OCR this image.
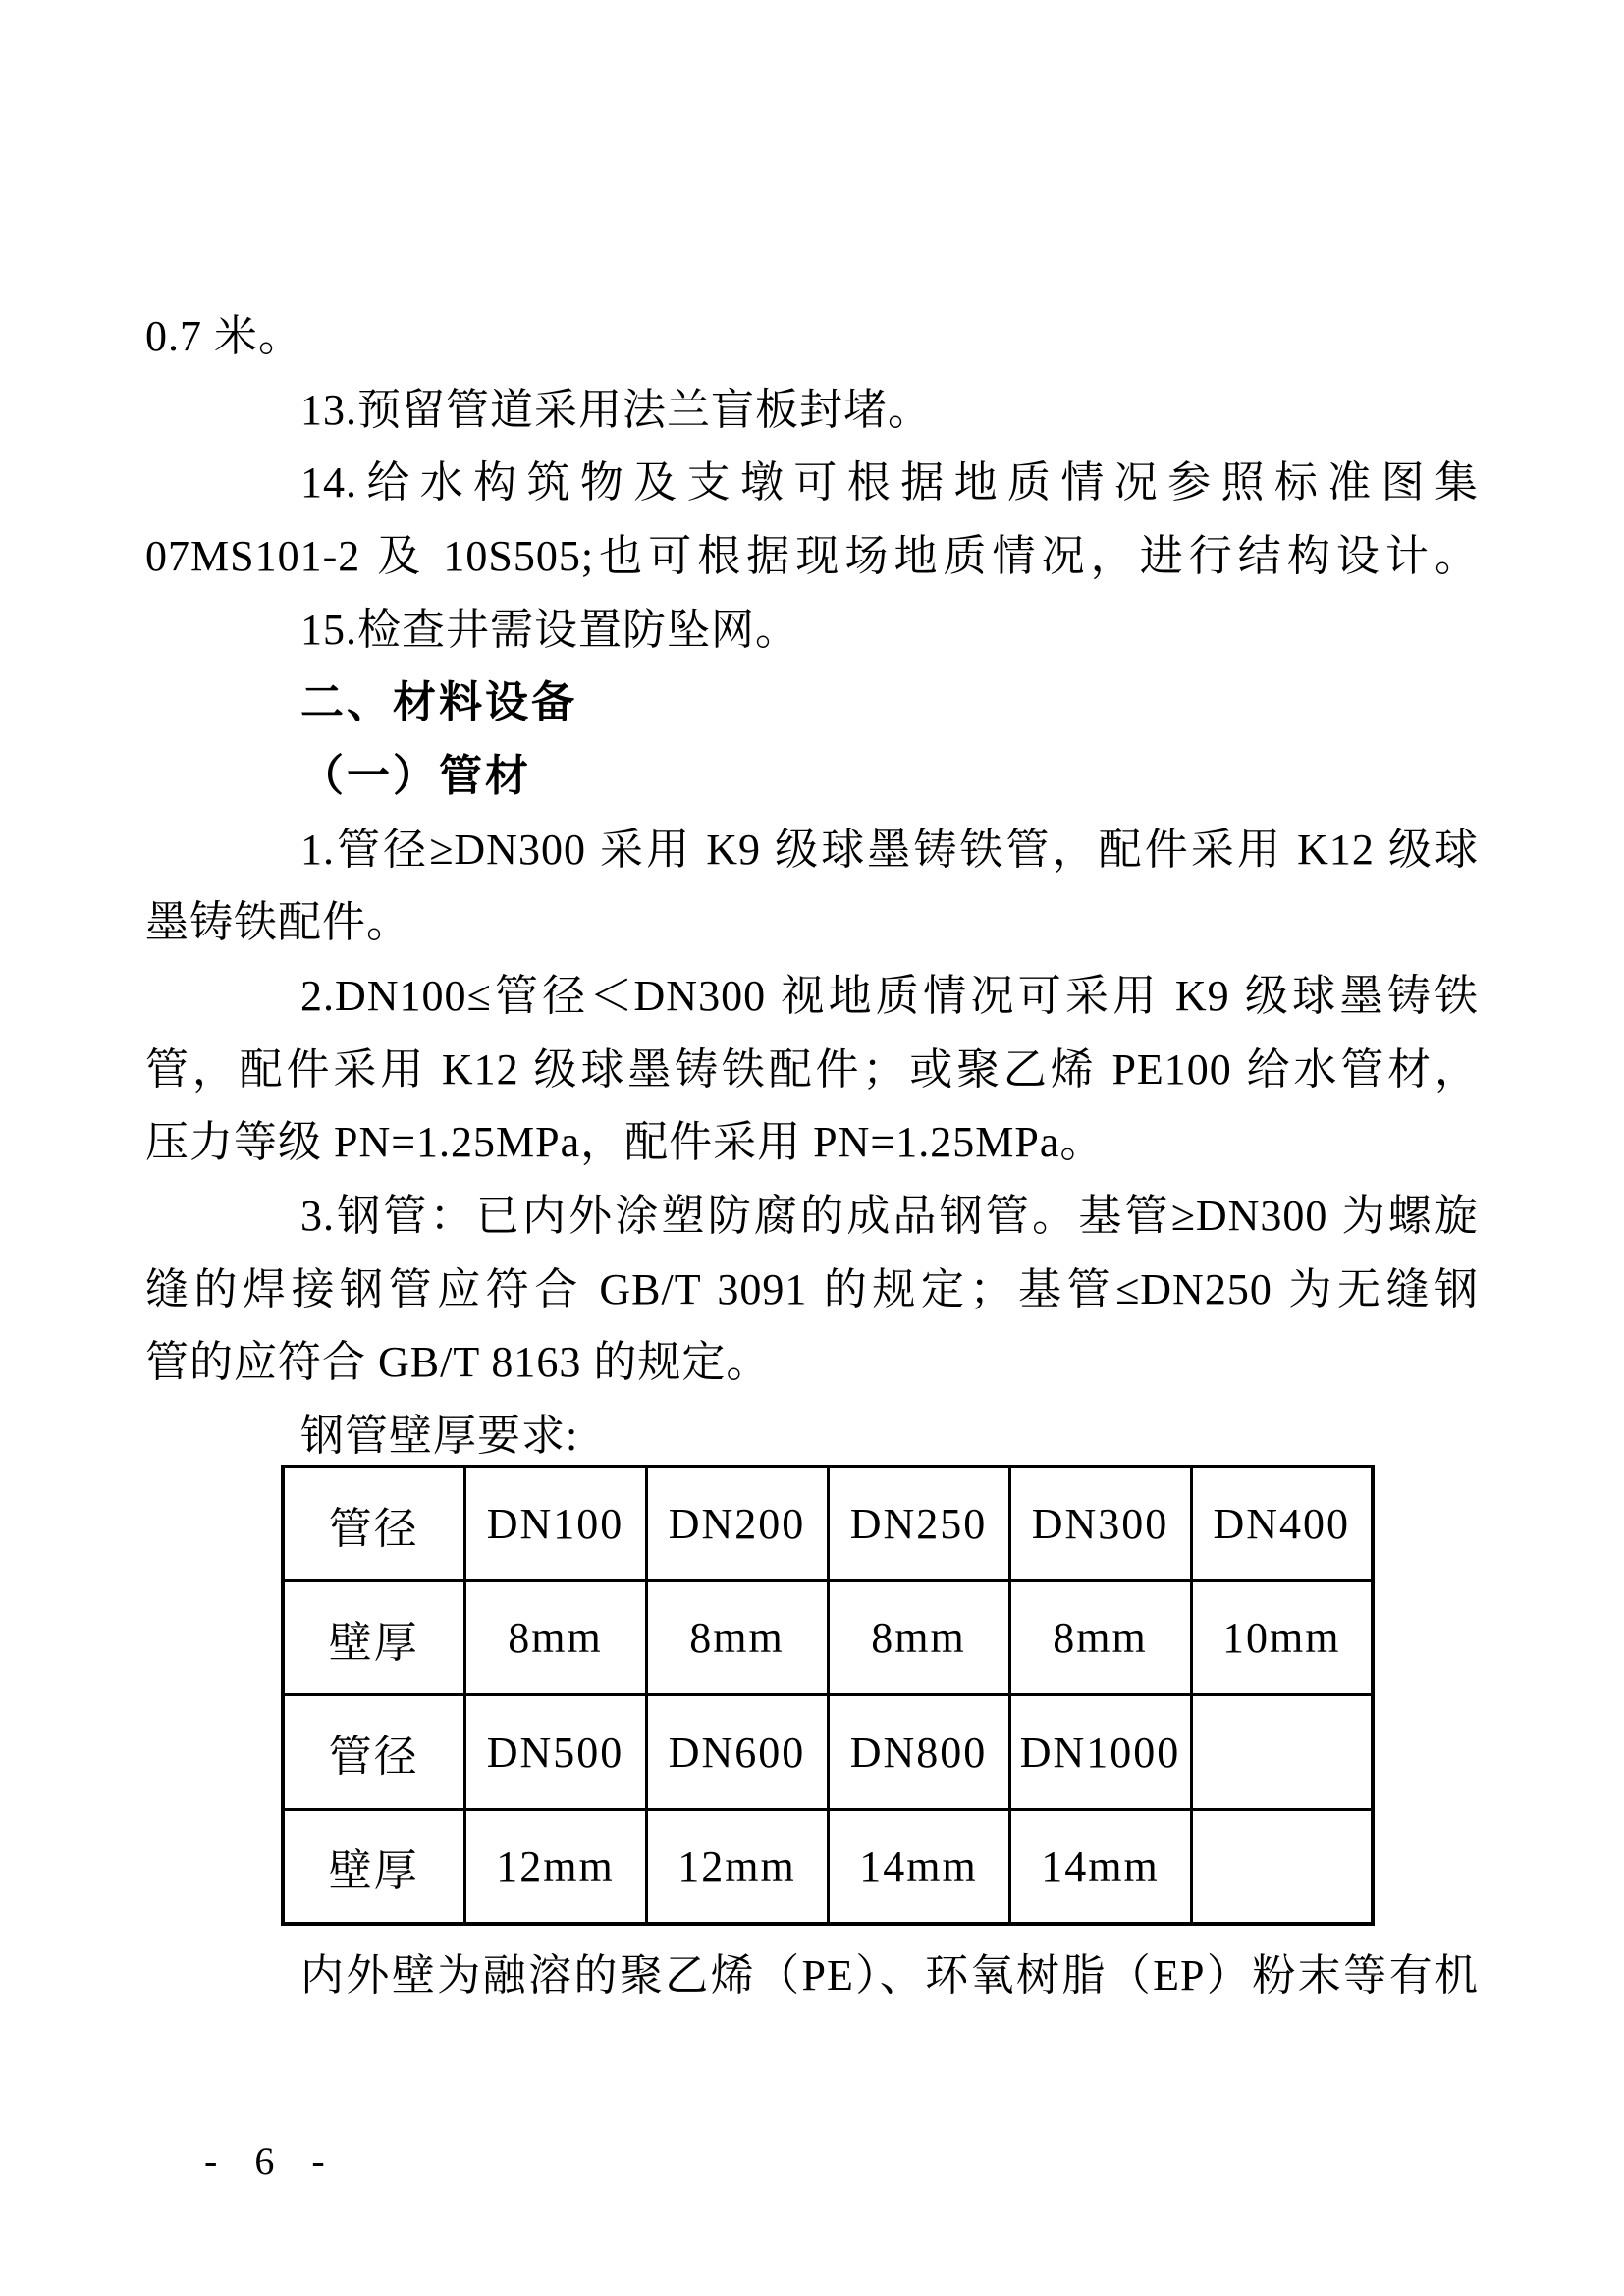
0.7 米。
13.预留管道采用法兰盲板封堵。
14.给水构筑物及支墩可根据地质情况参照标准图集
07MS101-2 及 10S505;也可根据现场地质情况，进行结构设计。
15.检查井需设置防坠网。
二、材料设备
（一）管材
1.管径≥DN300 采用 K9 级球墨铸铁管，配件采用 K12 级球
墨铸铁配件。
2.DN100≤管径＜DN300 视地质情况可采用 K9 级球墨铸铁
管，配件采用 K12 级球墨铸铁配件；或聚乙烯 PE100 给水管材，
压力等级 PN=1.25MPa，配件采用 PN=1.25MPa。
3.钢管：已内外涂塑防腐的成品钢管。基管≥DN300 为螺旋
缝的焊接钢管应符合 GB/T 3091 的规定；基管≤DN250 为无缝钢
管的应符合 GB/T 8163 的规定。
钢管壁厚要求:
管径	DN100	DN200	DN250	DN300	DN400
壁厚	8mm	8mm	8mm	8mm	10mm
管径	DN500	DN600	DN800	DN1000	
壁厚	12mm	12mm	14mm	14mm	
内外壁为融溶的聚乙烯（PE）、环氧树脂（EP）粉末等有机
- 6 -
